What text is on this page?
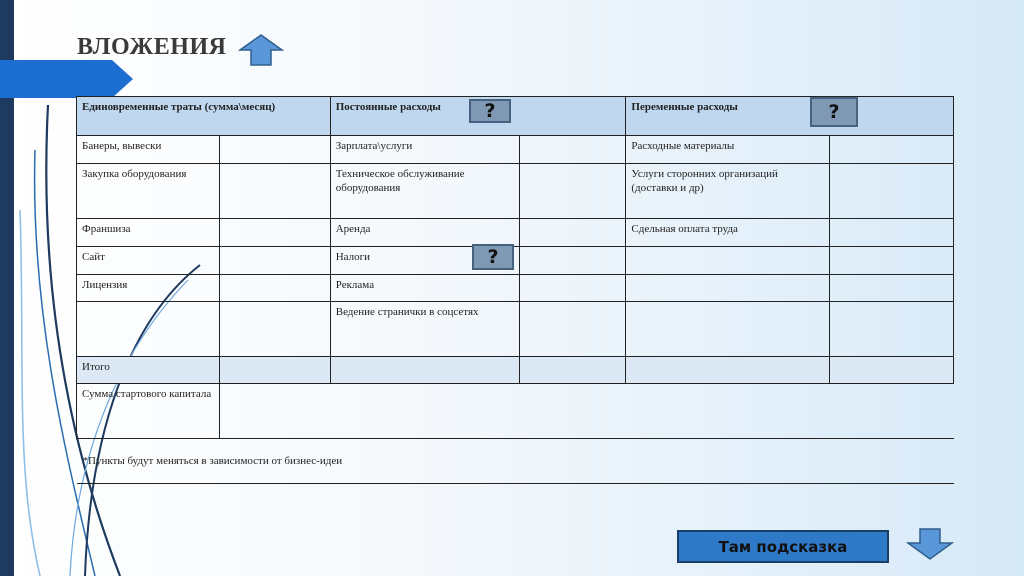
ВЛОЖЕНИЯ
Единовременные траты (сумма\месяц)		Постоянные расходы		Переменные расходы	
Банеры, вывески		Зарплата\услуги		Расходные материалы	
Закупка оборудования		Техническое обслуживание оборудования		Услуги сторонних организаций (доставки и др)	
Франшиза		Аренда		Сдельная оплата труда	
Сайт		Налоги			
Лицензия		Реклама			
		Ведение странички в соцсетях			
Итого					
Сумма стартового капитала					
*Пункты будут меняться в зависимости от бизнес-идеи					
?	?
?
Там подсказка
